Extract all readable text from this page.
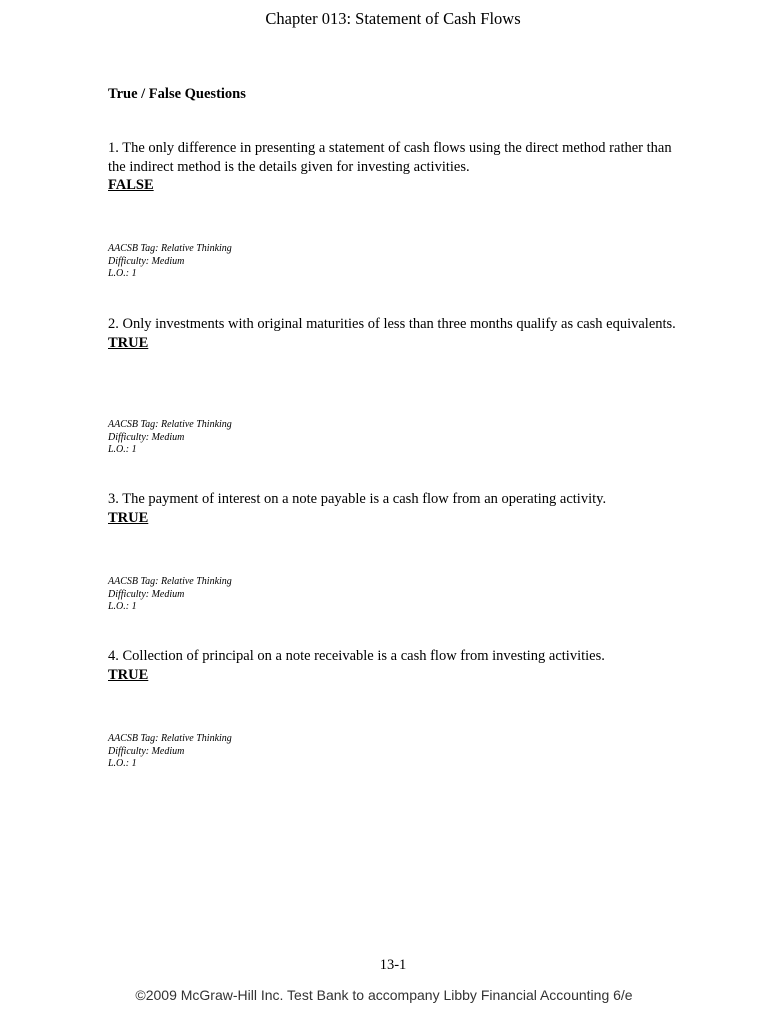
Chapter 013: Statement of Cash Flows
True / False Questions

1. The only difference in presenting a statement of cash flows using the direct method rather than the indirect method is the details given for investing activities.

FALSE

AACSB Tag: Relative Thinking
Difficulty: Medium
L.O.: 1

2. Only investments with original maturities of less than three months qualify as cash equivalents.

TRUE

AACSB Tag: Relative Thinking
Difficulty: Medium
L.O.: 1

3. The payment of interest on a note payable is a cash flow from an operating activity.

TRUE

AACSB Tag: Relative Thinking
Difficulty: Medium
L.O.: 1

4. Collection of principal on a note receivable is a cash flow from investing activities.

TRUE

AACSB Tag: Relative Thinking
Difficulty: Medium
L.O.: 1
13-1
©2009 McGraw-Hill Inc. Test Bank to accompany Libby Financial Accounting 6/e
